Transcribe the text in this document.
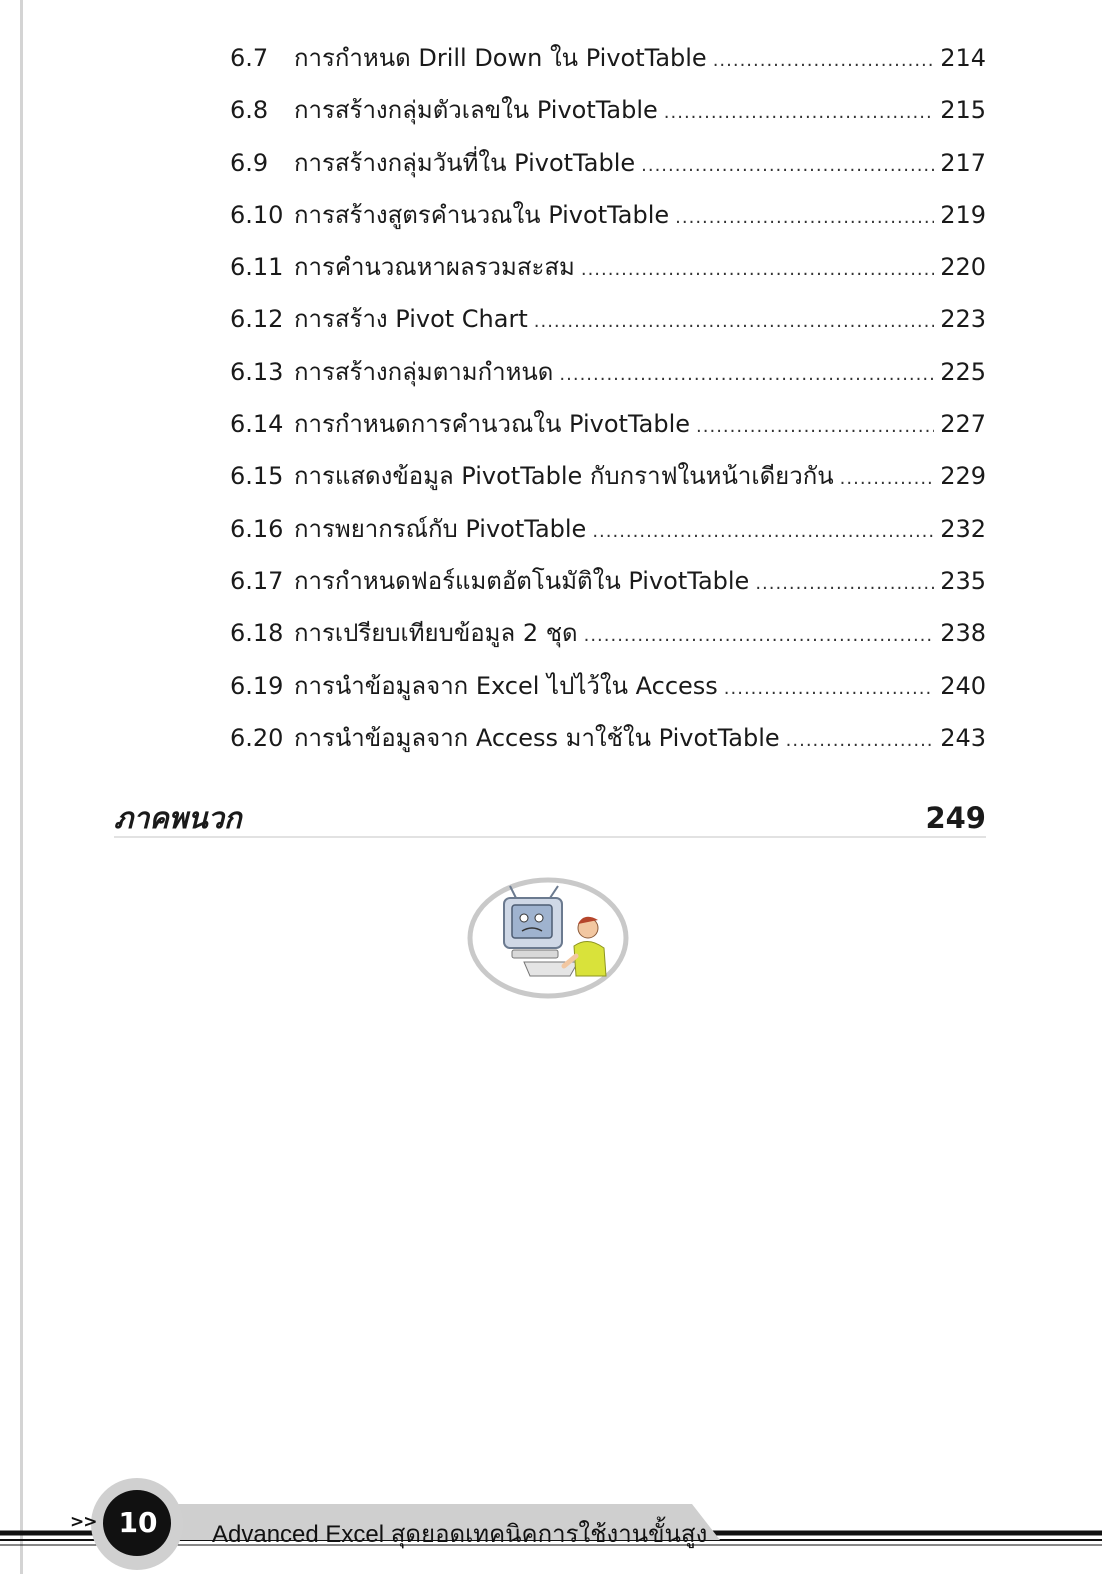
6.7	การกำหนด Drill Down ใน PivotTable .....	214
6.8	การสร้างกลุ่มตัวเลขใน PivotTable .....	215
6.9	การสร้างกลุ่มวันที่ใน PivotTable .....	217
6.10 การสร้างสูตรคำนวณใน PivotTable .....	219
6.11 การคำนวณหาผลรวมสะสม .....	220
6.12 การสร้าง Pivot Chart .....	223
6.13 การสร้างกลุ่มตามกำหนด .....	225
6.14 การกำหนดการคำนวณใน PivotTable .....	227
6.15 การแสดงข้อมูล PivotTable กับกราฟในหน้าเดียวกัน .....	229
6.16 การพยากรณ์กับ PivotTable .....	232
6.17 การกำหนดฟอร์แมตอัตโนมัติใน PivotTable .....	235
6.18 การเปรียบเทียบข้อมูล 2 ชุด .....	238
6.19 การนำข้อมูลจาก Excel ไปไว้ใน Access .....	240
6.20 การนำข้อมูลจาก Access มาใช้ใน PivotTable .....	243
ภาคพนวก	249
>> 10	Advanced Excel สุดยอดเทคนิคการใช้งานขั้นสูง
